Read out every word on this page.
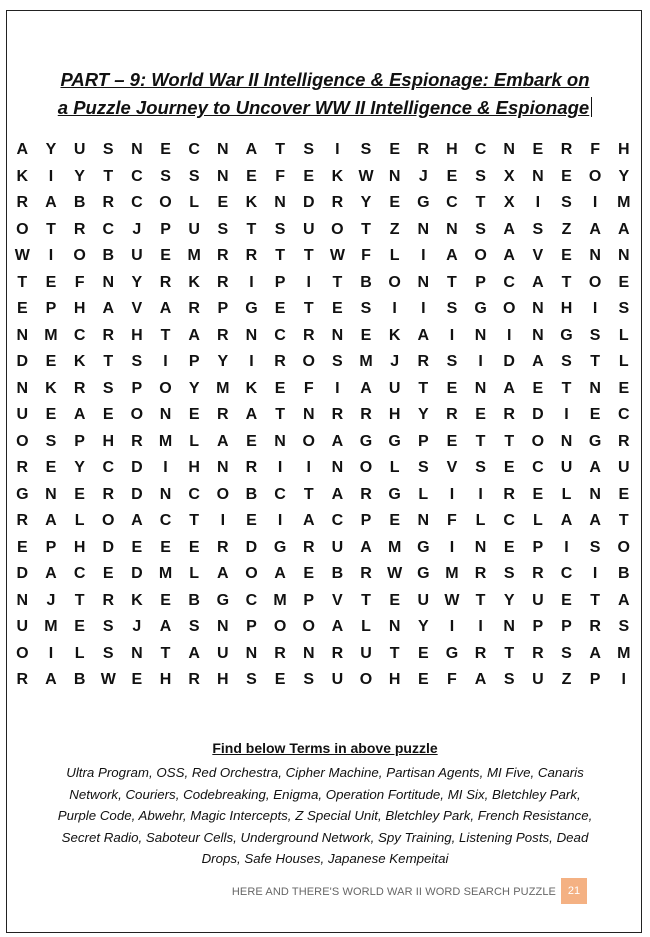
PART – 9: World War II Intelligence & Espionage: Embark on
a Puzzle Journey to Uncover WW II Intelligence & Espionage
A	Y	U	S	N	E	C	N	A	T	S	I	S	E	R	H	C	N	E	R	F	H
K	I	Y	T	C	S	S	N	E	F	E	K W N	J	E	S	X	N	E	O	Y
R	A	B	R	C	O	L	E	K	N	D	R	Y	E	G	C	T	X	I	S	I	M
O	T	R	C	J	P	U	S	T	S	U	O	T	Z	N	N	S	A	S	Z	A	A
W	I	O	B	U	E	M	R	R	T	T	W	F	L	I	A	O	A	V	E	N	N
T	E	F	N	Y	R	K	R	I	P	I	T	B	O	N	T	P	C	A	T	O	E
E	P	H	A	V	A	R	P	G	E	T	E	S	I	I	S	G	O	N	H	I	S
N	M	C	R	H	T	A	R	N	C	R	N	E	K	A	I	N	I	N	G	S	L
D	E	K	T	S	I	P	Y	I	R	O	S	M	J	R	S	I	D	A	S	T	L
N	K	R	S	P	O	Y	M	K	E	F	I	A	U	T	E	N	A	E	T	N	E
U	E	A	E	O	N	E	R	A	T	N	R	R	H	Y	R	E	R	D	I	E	C
O	S	P	H	R	M	L	A	E	N	O	A	G	G	P	E	T	T	O	N	G	R
R	E	Y	C	D	I	H	N	R	I	I	N	O	L	S	V	S	E	C	U	A	U
G	N	E	R	D	N	C	O	B	C	T	A	R	G	L	I	I	R	E	L	N	E
R	A	L	O	A	C	T	I	E	I	A	C	P	E	N	F	L	C	L	A	A	T
E	P	H	D	E	E	E	R	D	G	R	U	A	M G	I	N	E	P	I	S	O
D	A	C	E	D	M	L	A	O	A	E	B	R W G M	R	S	R	C	I	B
N	J	T	R	K	E	B	G	C	M	P	V	T	E	U W	T	Y	U	E	T	A
U	M	E	S	J	A	S	N	P	O	O	A	L	N	Y	I	I	N	P	P	R	S
O	I	L	S	N	T	A	U	N	R	N	R	U	T	E	G	R	T	R	S	A	M
R	A	B W E	H	R	H	S	E	S	U	O	H	E	F	A	S	U	Z	P	I
Find below Terms in above puzzle
Ultra Program, OSS, Red Orchestra, Cipher Machine, Partisan Agents, MI Five, Canaris Network, Couriers, Codebreaking, Enigma, Operation Fortitude, MI Six, Bletchley Park, Purple Code, Abwehr, Magic Intercepts, Z Special Unit, Bletchley Park, French Resistance, Secret Radio, Saboteur Cells, Underground Network, Spy Training, Listening Posts, Dead Drops, Safe Houses, Japanese Kempeitai
HERE AND THERE'S WORLD WAR II WORD SEARCH PUZZLE	21
